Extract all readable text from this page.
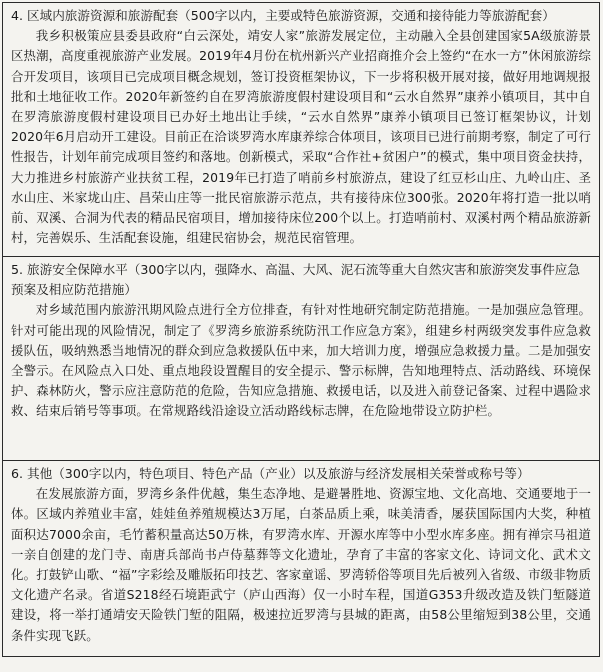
4. 区域内旅游资源和旅游配套（500字以内，主要或特色旅游资源，交通和接待能力等旅游配套）
我乡积极策应县委县政府“白云深处，靖安人家”旅游发展定位，主动融入全县创建国家5A级旅游景区热潮，高度重视旅游产业发展。2019年4月份在杭州新兴产业招商推介会上签约“在水一方”休闲旅游综合开发项目，该项目已完成项目概念规划，签订投资框架协议，下一步将积极开展对接，做好用地调规报批和土地征收工作。2020年新签约自在罗湾旅游度假村建设项目和“云水自然界”康养小镇项目，其中自在罗湾旅游度假村建设项目已办好土地出让手续，“云水自然界”康养小镇项目已签订框架协议，计划2020年6月启动开工建设。目前正在洽谈罗湾水库康养综合体项目，该项目已进行前期考察，制定了可行性报告，计划年前完成项目签约和落地。创新模式，采取“合作社+贫困户”的模式，集中项目资金扶持，大力推进乡村旅游产业扶贫工程，2019年已打造了哨前乡村旅游点，建设了红豆杉山庄、九岭山庄、圣水山庄、米家垅山庄、昌荣山庄等一批民宿旅游示范点，共有接待床位300张。2020年将打造一批以哨前、双溪、合洞为代表的精品民宿项目，增加接待床位200个以上。打造哨前村、双溪村两个精品旅游新村，完善娱乐、生活配套设施，组建民宿协会，规范民宿管理。

5. 旅游安全保障水平（300字以内，强降水、高温、大风、泥石流等重大自然灾害和旅游突发事件应急预案及相应防范措施）
对乡域范围内旅游汛期风险点进行全方位排查，有针对性地研究制定防范措施。一是加强应急管理。针对可能出现的风险情况，制定了《罗湾乡旅游系统防汛工作应急方案》，组建乡村两级突发事件应急救援队伍，吸纳熟悉当地情况的群众到应急救援队伍中来，加大培训力度，增强应急救援力量。二是加强安全警示。在风险点入口处、重点地段设置醒目的安全提示、警示标牌，告知地理特点、活动路线、环境保护、森林防火，警示应注意防范的危险，告知应急措施、救援电话，以及进入前登记备案、过程中遇险求救、结束后销号等事项。在常规路线沿途设立活动路线标志牌，在危险地带设立防护栏。

6. 其他（300字以内，特色项目、特色产品（产业）以及旅游与经济发展相关荣誉或称号等）
在发展旅游方面，罗湾乡条件优越，集生态净地、是避暑胜地、资源宝地、文化高地、交通要地于一体。区域内养殖业丰富，娃娃鱼养殖规模达3万尾，白茶品质上乘，味美清香，屡获国际国内大奖，种植面积达7000余亩，毛竹蓄积量高达50万株，有罗湾水库、开源水库等中小型水库多座。拥有禅宗马祖道一亲自创建的龙门寺、南唐兵部尚书卢侍墓葬等文化遗址，孕育了丰富的客家文化、诗词文化、武术文化。打鼓铲山歌、“福”字彩绘及雕版拓印技艺、客家童谣、罗湾轿俗等项目先后被列入省级、市级非物质文化遗产名录。省道S218经石境距武宁（庐山西海）仅一小时车程，国道G353升级改造及铁门堑隧道建设，将一举打通靖安天险铁门堑的阻隔，极速拉近罗湾与县城的距离，由58公里缩短到38公里，交通条件实现飞跃。
